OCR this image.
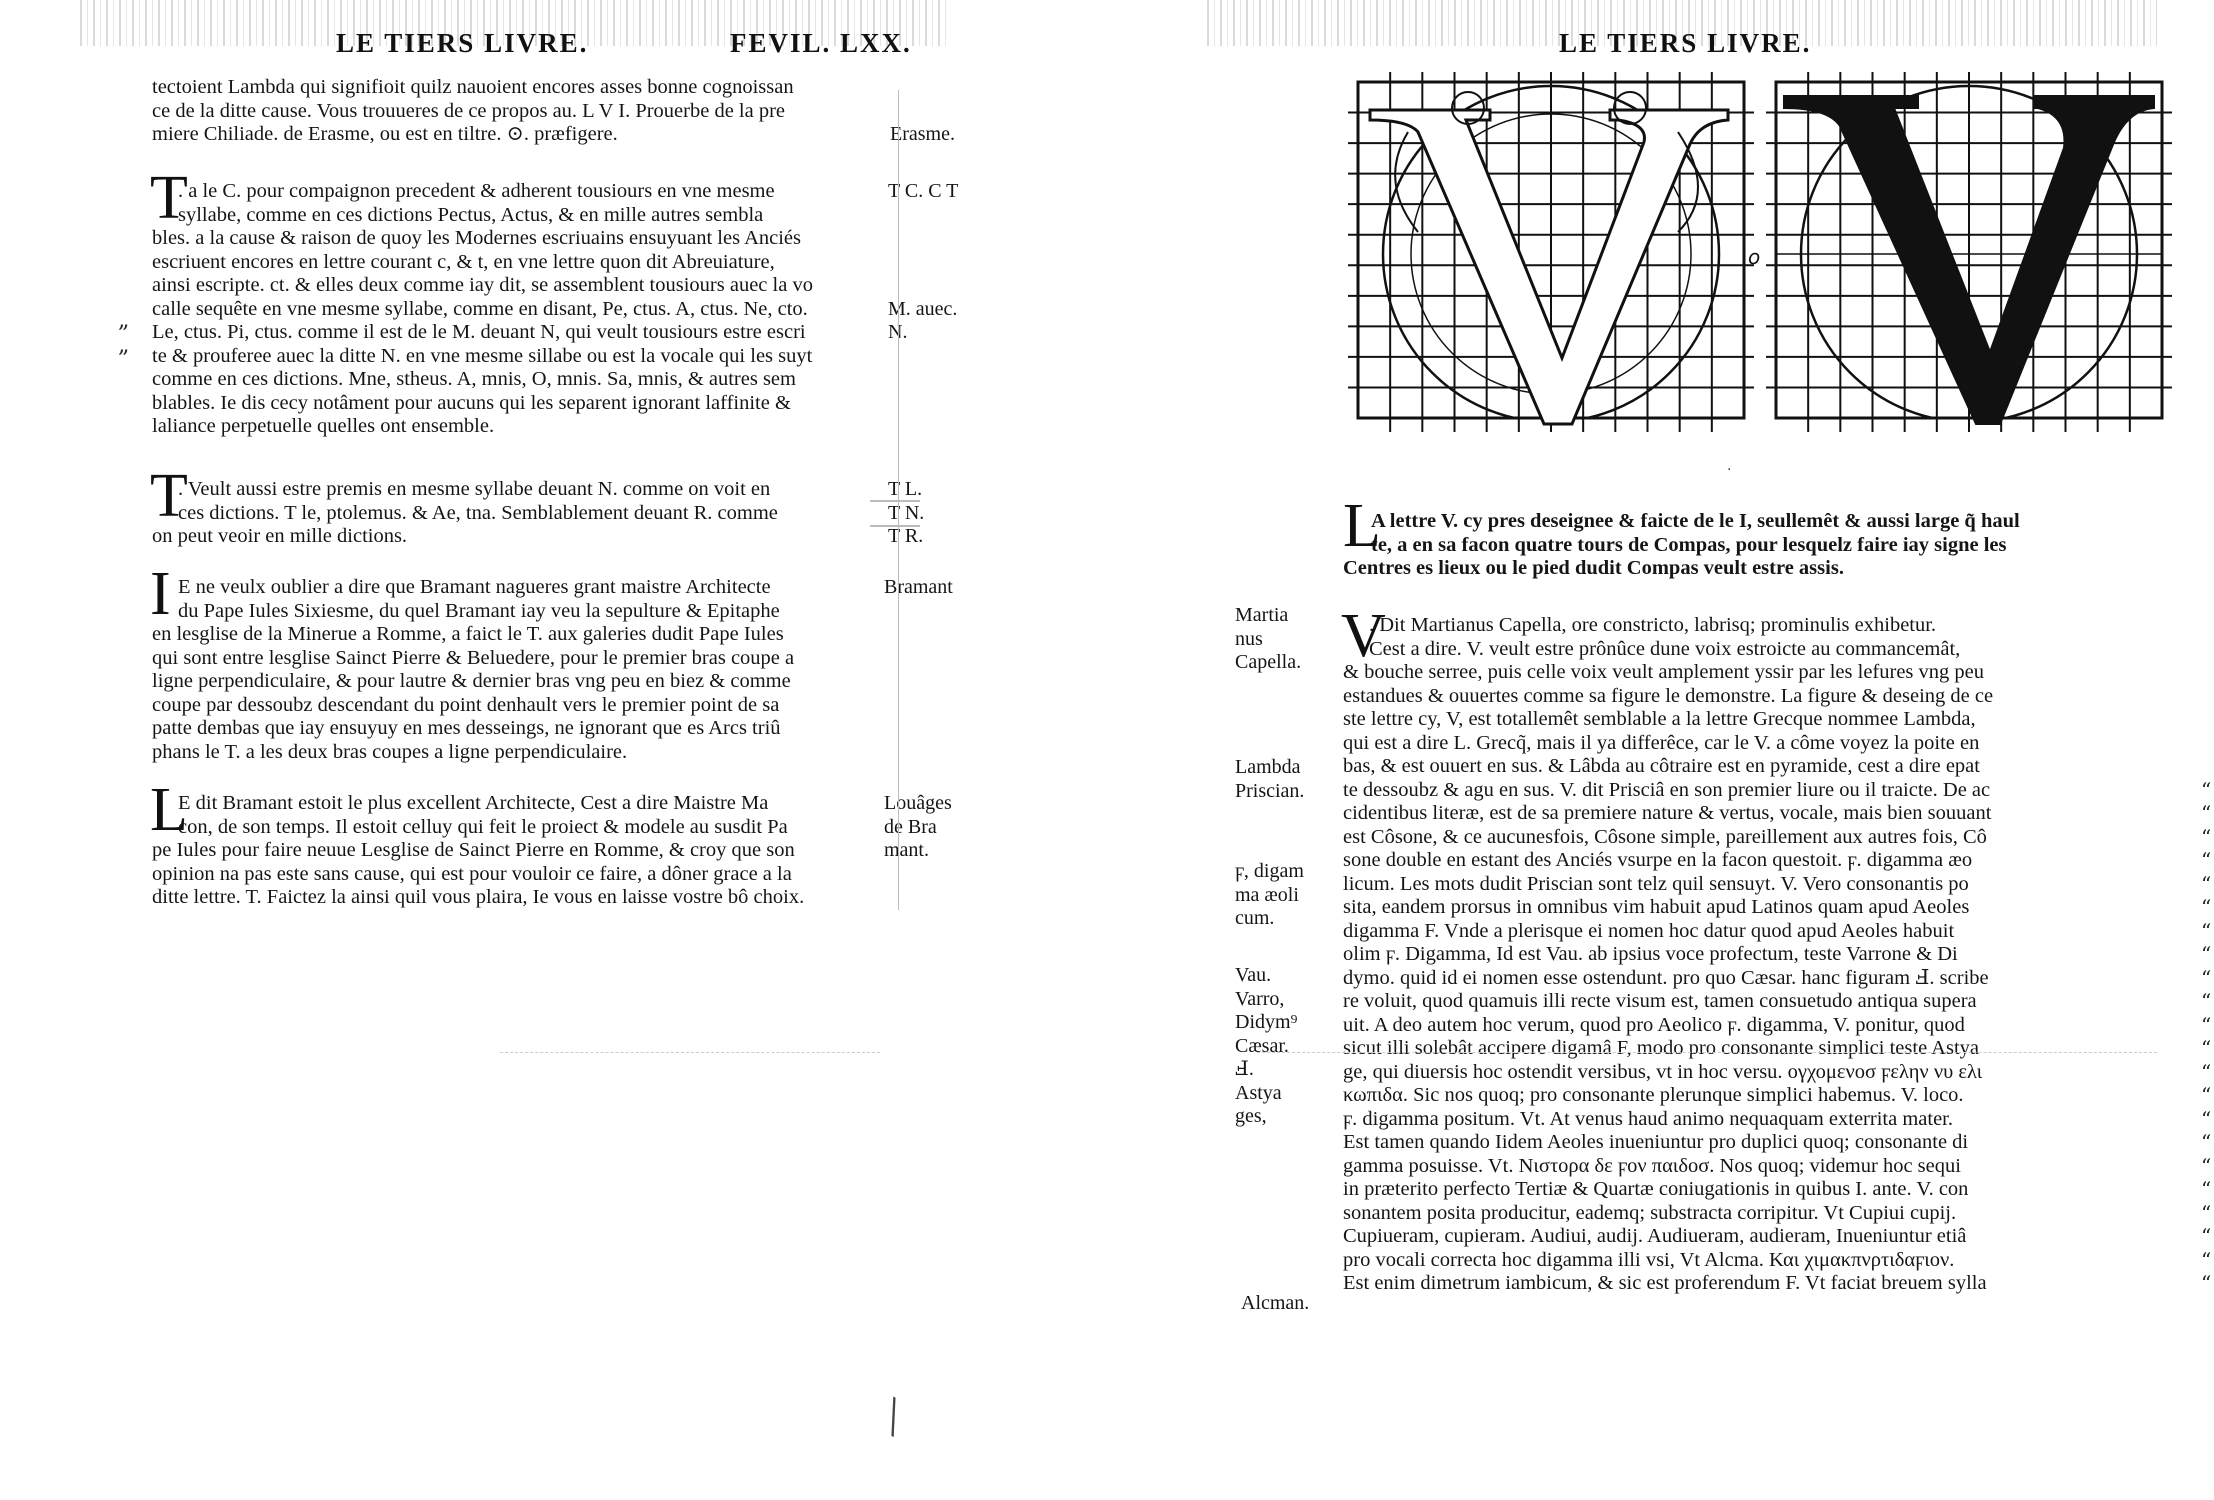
LE TIERS LIVRE.	FEVIL. LXX.
tectoient Lambda qui signifioit quilz nauoient encores asses bonne cognoissan
ce de la ditte cause. Vous trouueres de ce propos au. L V I. Prouerbe de la pre
miere Chiliade. de Erasme, ou est en tiltre. ⊙. præfigere.	Erasme.
T
. a le C. pour compaignon precedent & adherent tousiours en vne mesme
syllabe, comme en ces dictions Pectus, Actus, & en mille autres sembla
bles. a la cause & raison de quoy les Modernes escriuains ensuyuant les Anciés
escriuent encores en lettre courant c, & t, en vne lettre quon dit Abreuiature,
ainsi escripte. ct. & elles deux comme iay dit, se assemblent tousiours auec la vo
calle sequête en vne mesme syllabe, comme en disant, Pe, ctus. A, ctus. Ne, cto.
Le, ctus. Pi, ctus. comme il est de le M. deuant N, qui veult tousiours estre escri
te & prouferee auec la ditte N. en vne mesme sillabe ou est la vocale qui les suyt
comme en ces dictions. Mne, stheus. A, mnis, O, mnis. Sa, mnis, & autres sem
blables. Ie dis cecy notâment pour aucuns qui les separent ignorant laffinite &
laliance perpetuelle quelles ont ensemble.
T C. C T
M. auec.
N.
„
„
T
. Veult aussi estre premis en mesme syllabe deuant N. comme on voit en
ces dictions. T le, ptolemus. & Ae, tna. Semblablement deuant R. comme
on peut veoir en mille dictions.
T L.
T N.
T R.
I E ne veulx oublier a dire que Bramant nagueres grant maistre Architecte
du Pape Iules Sixiesme, du quel Bramant iay veu la sepulture & Epitaphe
en lesglise de la Minerue a Romme, a faict le T. aux galeries dudit Pape Iules
qui sont entre lesglise Sainct Pierre & Beluedere, pour le premier bras coupe a
ligne perpendiculaire, & pour lautre & dernier bras vng peu en biez & comme
coupe par dessoubz descendant du point denhault vers le premier point de sa
patte dembas que iay ensuyuy en mes desseings, ne ignorant que es Arcs triû
phans le T. a les deux bras coupes a ligne perpendiculaire.
Bramant
L
E dit Bramant estoit le plus excellent Architecte, Cest a dire Maistre Ma
con, de son temps. Il estoit celluy qui feit le proiect & modele au susdit Pa
pe Iules pour faire neuue Lesglise de Sainct Pierre en Romme, & croy que son
opinion na pas este sans cause, qui est pour vouloir ce faire, a dôner grace a la
ditte lettre. T. Faictez la ainsi quil vous plaira, Ie vous en laisse vostre bô choix.
Louâges
de Bra
mant.
╲
LE TIERS LIVRE.
o
L
A lettre V. cy pres deseignee & faicte de le I, seullemêt & aussi large q̃ haul
te, a en sa facon quatre tours de Compas, pour lesquelz faire iay signe les
Centres es lieux ou le pied dudit Compas veult estre assis.
V
. Dit Martianus Capella, ore constricto, labrisq; prominulis exhibetur.
Cest a dire. V. veult estre prônûce dune voix estroicte au commancemât,
& bouche serree, puis celle voix veult amplement yssir par les lefures vng peu
estandues & ouuertes comme sa figure le demonstre. La figure & deseing de ce
ste lettre cy, V, est totallemêt semblable a la lettre Grecque nommee Lambda,
qui est a dire L. Grecq̃, mais il ya differêce, car le V. a côme voyez la poite en
bas, & est ouuert en sus. & Lâbda au côtraire est en pyramide, cest a dire epat
te dessoubz & agu en sus. V. dit Prisciâ en son premier liure ou il traicte. De ac
cidentibus literæ, est de sa premiere nature & vertus, vocale, mais bien souuant
est Côsone, & ce aucunesfois, Côsone simple, pareillement aux autres fois, Cô
sone double en estant des Anciés vsurpe en la facon questoit. ϝ. digamma æo
licum. Les mots dudit Priscian sont telz quil sensuyt. V. Vero consonantis po
sita, eandem prorsus in omnibus vim habuit apud Latinos quam apud Aeoles
digamma F. Vnde a plerisque ei nomen hoc datur quod apud Aeoles habuit
olim ϝ. Digamma, Id est Vau. ab ipsius voce profectum, teste Varrone & Di
dymo. quid id ei nomen esse ostendunt. pro quo Cæsar. hanc figuram Ⅎ. scribe
re voluit, quod quamuis illi recte visum est, tamen consuetudo antiqua supera
uit. A deo autem hoc verum, quod pro Aeolico ϝ. digamma, V. ponitur, quod
sicut illi solebât accipere digamâ F, modo pro consonante simplici teste Astya
ge, qui diuersis hoc ostendit versibus, vt in hoc versu. ογχομενοσ ϝελην νυ ελι
κωπιδα. Sic nos quoq; pro consonante plerunque simplici habemus. V. loco.
ϝ. digamma positum. Vt. At venus haud animo nequaquam exterrita mater.
Est tamen quando Iidem Aeoles inueniuntur pro duplici quoq; consonante di
gamma posuisse. Vt. Νιστορα δε ϝον παιδοσ. Nos quoq; videmur hoc sequi
in præterito perfecto Tertiæ & Quartæ coniugationis in quibus I. ante. V. con
sonantem posita producitur, eademq; substracta corripitur. Vt Cupiui cupij.
Cupiueram, cupieram. Audiui, audij. Audiueram, audieram, Inueniuntur etiâ
pro vocali correcta hoc digamma illi vsi, Vt Alcma. Και χιμακπνρτιδαϝιον.
Est enim dimetrum iambicum, & sic est proferendum F. Vt faciat breuem sylla
“
“
“
“
“
“
“
“
“
“
“
“
“
“
“
“
“
“
“
“
“
“
Martia
nus
Capella.
Lambda
Priscian.
ϝ, digam
ma æoli
cum.
Vau.
Varro,
Didym⁹
Cæsar.
Ⅎ.
Astya
ges,
Alcman.
·
